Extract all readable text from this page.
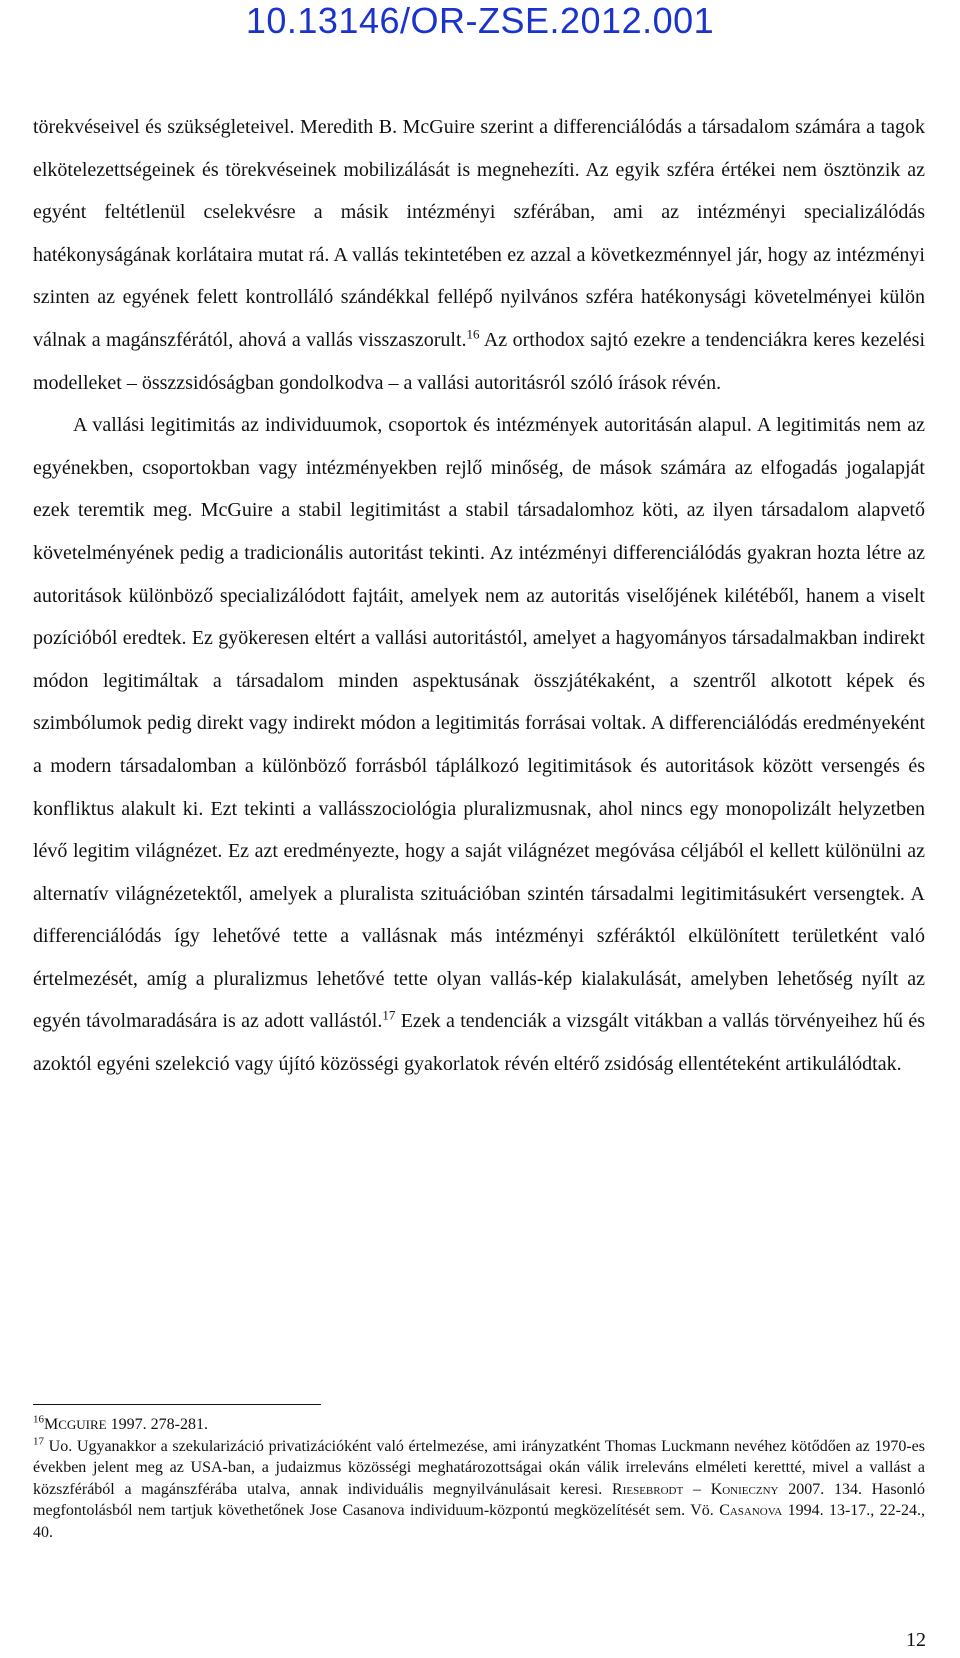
10.13146/OR-ZSE.2012.001

törekvéseivel és szükségleteivel. Meredith B. McGuire szerint a differenciálódás a társadalom számára a tagok elkötelezettségeinek és törekvéseinek mobilizálását is megnehezíti. Az egyik szféra értékei nem ösztönzik az egyént feltétlenül cselekvésre a másik intézményi szférában, ami az intézményi specializálódás hatékonyságának korlátaira mutat rá. A vallás tekintetében ez azzal a következménnyel jár, hogy az intézményi szinten az egyének felett kontrolláló szándékkal fellépő nyilvános szféra hatékonysági követelményei külön válnak a magánszférától, ahová a vallás visszaszorult.$^{16}$ Az orthodox sajtó ezekre a tendenciákra keres kezelési modelleket – összzsidóságban gondolkodva – a vallási autoritásról szóló írások révén.

A vallási legitimitás az individuumok, csoportok és intézmények autoritásán alapul. A legitimitás nem az egyénekben, csoportokban vagy intézményekben rejlő minőség, de mások számára az elfogadás jogalapját ezek teremtik meg. McGuire a stabil legitimitást a stabil társadalomhoz köti, az ilyen társadalom alapvető követelményének pedig a tradicionális autoritást tekinti. Az intézményi differenciálódás gyakran hozta létre az autoritások különböző specializálódott fajtáit, amelyek nem az autoritás viselőjének kilétéből, hanem a viselt pozícióból eredtek. Ez gyökeresen eltért a vallási autoritástól, amelyet a hagyományos társadalmakban indirekt módon legitimáltak a társadalom minden aspektusának összjátékaként, a szentről alkotott képek és szimbólumok pedig direkt vagy indirekt módon a legitimitás forrásai voltak. A differenciálódás eredményeként a modern társadalomban a különböző forrásból táplálkozó legitimitások és autoritások között versengés és konfliktus alakult ki. Ezt tekinti a vallásszociológia pluralizmusnak, ahol nincs egy monopolizált helyzetben lévő legitim világnézet. Ez azt eredményezte, hogy a saját világnézet megóvása céljából el kellett különülni az alternatív világnézetektől, amelyek a pluralista szituációban szintén társadalmi legitimitásukért versengtek. A differenciálódás így lehetővé tette a vallásnak más intézményi szféráktól elkülönített területként való értelmezését, amíg a pluralizmus lehetővé tette olyan vallás-kép kialakulását, amelyben lehetőség nyílt az egyén távolmaradására is az adott vallástól.$^{17}$ Ezek a tendenciák a vizsgált vitákban a vallás törvényeihez hű és azoktól egyéni szelekció vagy újító közösségi gyakorlatok révén eltérő zsidóság ellentéteként artikulálódtak.

$^{16}$MCGUIRE 1997. 278-281.

$^{17}$ Uo. Ugyanakkor a szekularizáció privatizációként való értelmezése, ami irányzatként Thomas Luckmann nevéhez kötődően az 1970-es években jelent meg az USA-ban, a judaizmus közösségi meghatározottságai okán válik irreleváns elméleti kerettté, mivel a vallást a közszférából a magánszférába utalva, annak individuális megnyilvánulásait keresi. Riesebrodt – Konieczny 2007. 134. Hasonló megfontolásból nem tartjuk követhetőnek Jose Casanova individuum-központú megközelítését sem. Vö. Casanova 1994. 13-17., 22-24., 40.

12
